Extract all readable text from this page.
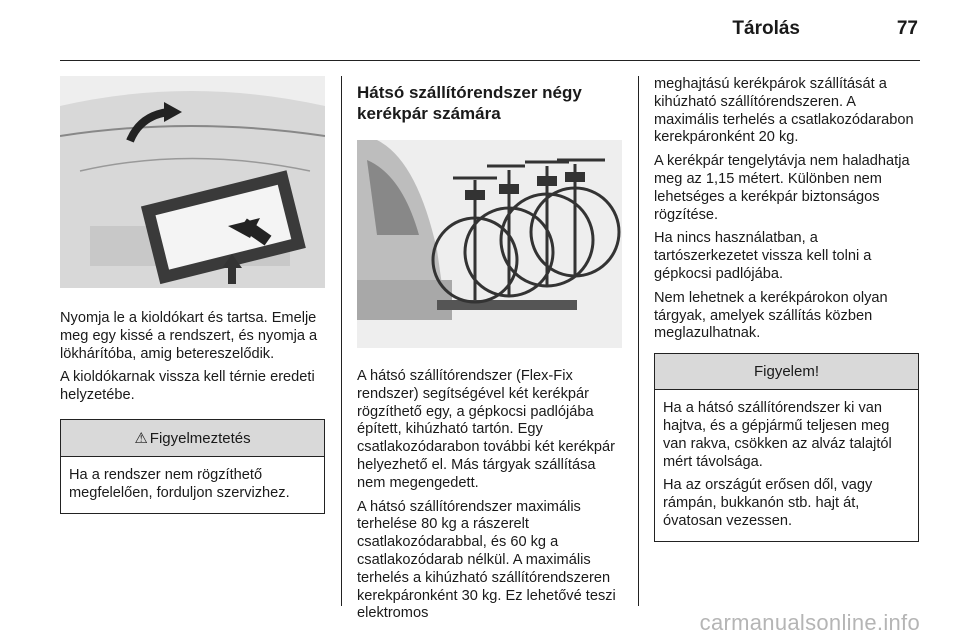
Tárolás	77

Nyomja le a kioldókart és tartsa. Emelje meg egy kissé a rendszert, és nyomja a lökhárítóba, amig betereszelődik.

A kioldókarnak vissza kell térnie eredeti helyzetébe.

⚠ Figyelmeztetés

Ha a rendszer nem rögzíthető megfelelően, forduljon szervizhez.

Hátsó szállítórendszer négy kerékpár számára

A hátsó szállítórendszer (Flex-Fix rendszer) segítségével két kerékpár rögzíthető egy, a gépkocsi padlójába épített, kihúzható tartón. Egy csatlakozódarabon további két kerékpár helyezhető el. Más tárgyak szállítása nem megengedett.

A hátsó szállítórendszer maximális terhelése 80 kg a rászerelt csatlakozódarabbal, és 60 kg a csatlakozódarab nélkül. A maximális terhelés a kihúzható szállítórendszeren kerekpáronként 30 kg. Ez lehetővé teszi elektromos

meghajtású kerékpárok szállítását a kihúzható szállítórendszeren. A maximális terhelés a csatlakozódarabon kerekpáronként 20 kg.

A kerékpár tengelytávja nem haladhatja meg az 1,15 métert. Különben nem lehetséges a kerékpár biztonságos rögzítése.

Ha nincs használatban, a tartószerkezetet vissza kell tolni a gépkocsi padlójába.

Nem lehetnek a kerékpárokon olyan tárgyak, amelyek szállítás közben meglazulhatnak.

Figyelem!

Ha a hátsó szállítórendszer ki van hajtva, és a gépjármű teljesen meg van rakva, csökken az alváz talajtól mért távolsága.

Ha az országút erősen dől, vagy rámpán, bukkanón stb. hajt át, óvatosan vezessen.

carmanualsonline.info
